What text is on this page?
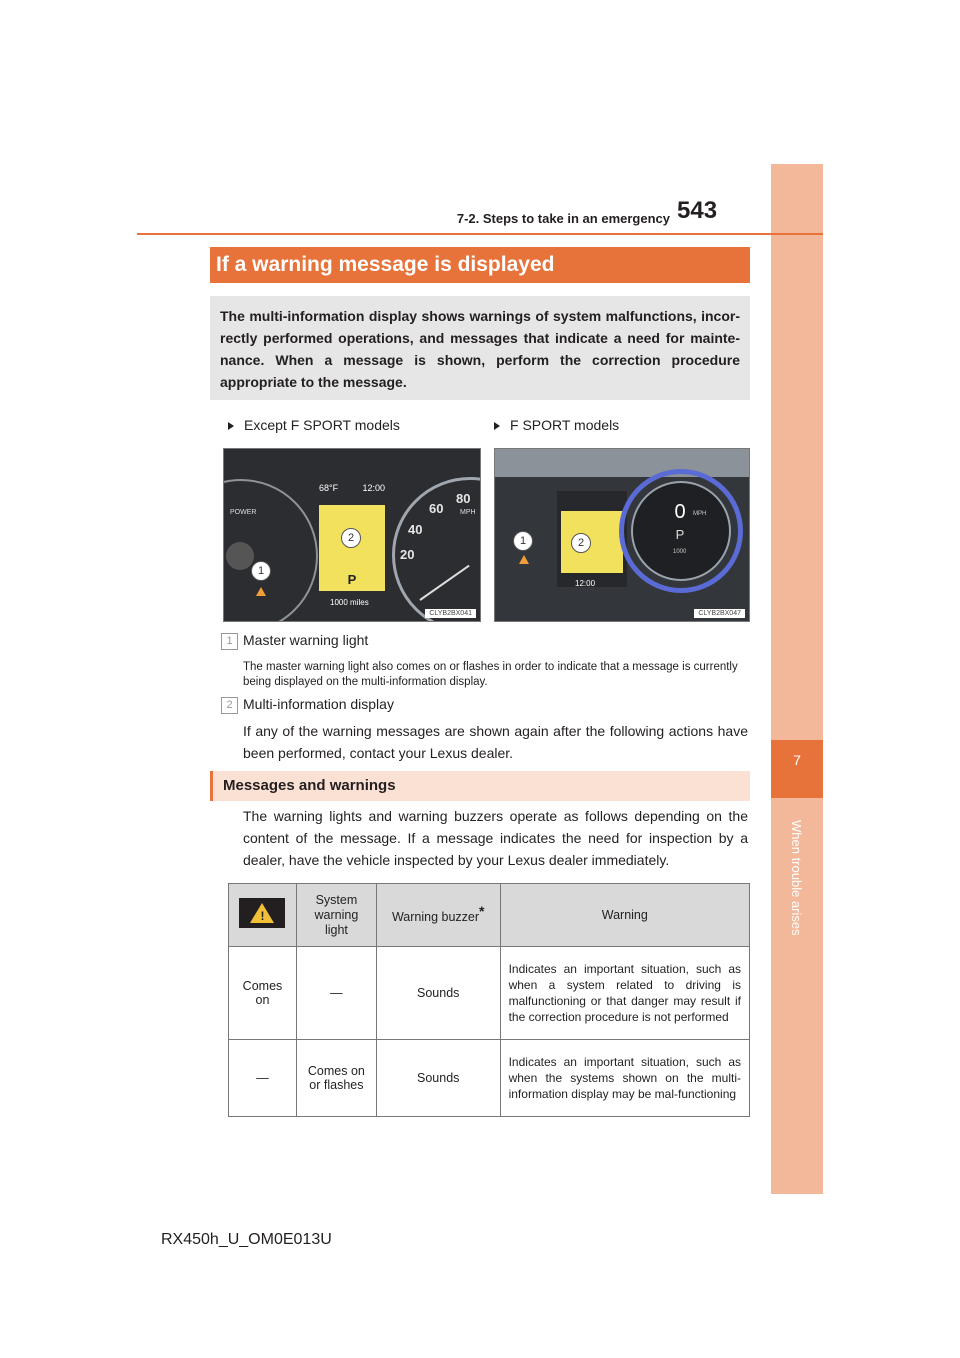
7
When trouble arises
7-2. Steps to take in an emergency 543
If a warning message is displayed
The multi-information display shows warnings of system malfunctions, incor-rectly performed operations, and messages that indicate a need for mainte-nance. When a message is shown, perform the correction procedure appropriate to the message.
Except F SPORT models	F SPORT models
POWER
1
68°F	12:00
2
P
1000 miles
80
60
40
20
MPH
CLYB2BX041
2
1
12:00
0	MPH
P
1000
CLYB2BX047
1 Master warning light
The master warning light also comes on or flashes in order to indicate that a message is currently being displayed on the multi-information display.
2 Multi-information display
If any of the warning messages are shown again after the following actions have been performed, contact your Lexus dealer.
Messages and warnings
The warning lights and warning buzzers operate as follows depending on the content of the message. If a message indicates the need for inspection by a dealer, have the vehicle inspected by your Lexus dealer immediately.
!	System warning light	Warning buzzer*	Warning
Comes on	—	Sounds	Indicates an important situation, such as when a system related to driving is malfunctioning or that danger may result if the correction procedure is not performed
—	Comes on or flashes	Sounds	Indicates an important situation, such as when the systems shown on the multi-information display may be mal-functioning
RX450h_U_OM0E013U
